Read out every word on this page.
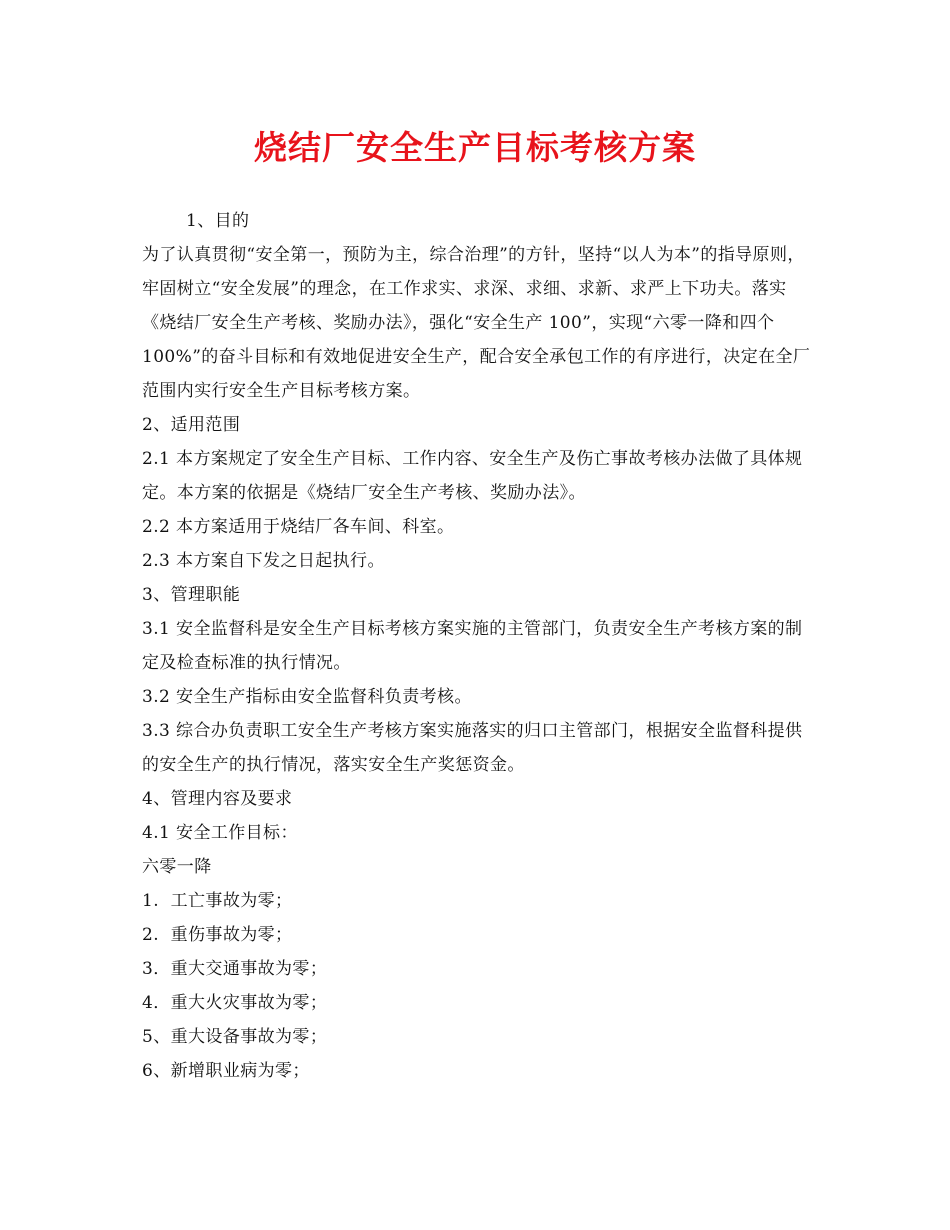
烧结厂安全生产目标考核方案

1、目的

为了认真贯彻“安全第一，预防为主，综合治理”的方针，坚持“以人为本”的指导原则，牢固树立“安全发展”的理念，在工作求实、求深、求细、求新、求严上下功夫。落实《烧结厂安全生产考核、奖励办法》，强化“安全生产 100”，实现“六零一降和四个 100%”的奋斗目标和有效地促进安全生产，配合安全承包工作的有序进行，决定在全厂范围内实行安全生产目标考核方案。

2、适用范围

2.1 本方案规定了安全生产目标、工作内容、安全生产及伤亡事故考核办法做了具体规定。本方案的依据是《烧结厂安全生产考核、奖励办法》。

2.2 本方案适用于烧结厂各车间、科室。

2.3 本方案自下发之日起执行。

3、管理职能

3.1 安全监督科是安全生产目标考核方案实施的主管部门，负责安全生产考核方案的制定及检查标准的执行情况。

3.2 安全生产指标由安全监督科负责考核。

3.3 综合办负责职工安全生产考核方案实施落实的归口主管部门，根据安全监督科提供的安全生产的执行情况，落实安全生产奖惩资金。

4、管理内容及要求

4.1 安全工作目标：

六零一降

1.  工亡事故为零；

2.  重伤事故为零；

3．重大交通事故为零；

4．重大火灾事故为零；

5、重大设备事故为零；

6、新增职业病为零；
